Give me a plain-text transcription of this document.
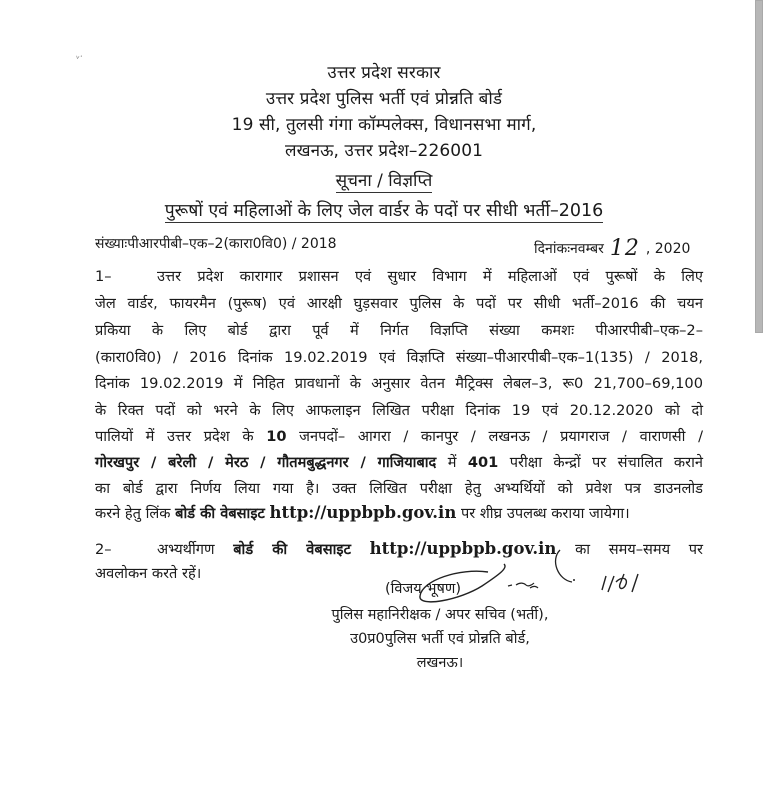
ᵥ·
उत्तर प्रदेश सरकार
उत्तर प्रदेश पुलिस भर्ती एवं प्रोन्नति बोर्ड
19 सी, तुलसी गंगा कॉम्पलेक्स, विधानसभा मार्ग,
लखनऊ, उत्तर प्रदेश–226001
सूचना / विज्ञप्ति
पुरूषों एवं महिलाओं के लिए जेल वार्डर के पदों पर सीधी भर्ती–2016
संख्याःपीआरपीबी–एक–2(कारा0वि0) / 2018	दिनांकःनवम्बर 12 , 2020
1–	उत्तर प्रदेश कारागार प्रशासन एवं सुधार विभाग में महिलाओं एवं पुरूषों के लिए
जेल वार्डर, फायरमैन (पुरूष) एवं आरक्षी घुड़सवार पुलिस के पदों पर सीधी भर्ती–2016 की चयन
प्रकिया के लिए बोर्ड द्वारा पूर्व में निर्गत विज्ञप्ति संख्या कमशः पीआरपीबी–एक–2–
(कारा0वि0) / 2016 दिनांक 19.02.2019 एवं विज्ञप्ति संख्या–पीआरपीबी–एक–1(135) / 2018,
दिनांक 19.02.2019 में निहित प्रावधानों के अनुसार वेतन मैट्रिक्स लेबल–3, रू0 21,700–69,100
के रिक्त पदों को भरने के लिए आफलाइन लिखित परीक्षा दिनांक 19 एवं 20.12.2020 को दो
पालियों में उत्तर प्रदेश के 10 जनपदों– आगरा / कानपुर / लखनऊ / प्रयागराज / वाराणसी /
गोरखपुर / बरेली / मेरठ / गौतमबुद्धनगर / गाजियाबाद में 401 परीक्षा केन्द्रों पर संचालित कराने
का बोर्ड द्वारा निर्णय लिया गया है। उक्त लिखित परीक्षा हेतु अभ्यर्थियों को प्रवेश पत्र डाउनलोड
करने हेतु लिंक बोर्ड की वेबसाइट http://uppbpb.gov.in पर शीघ्र उपलब्ध कराया जायेगा।
2–	अभ्यर्थीगण बोर्ड की वेबसाइट http://uppbpb.gov.in का समय–समय पर
अवलोकन करते रहें।
(विजय भूषण)
पुलिस महानिरीक्षक / अपर सचिव (भर्ती),
उ0प्र0पुलिस भर्ती एवं प्रोन्नति बोर्ड,
लखनऊ।
